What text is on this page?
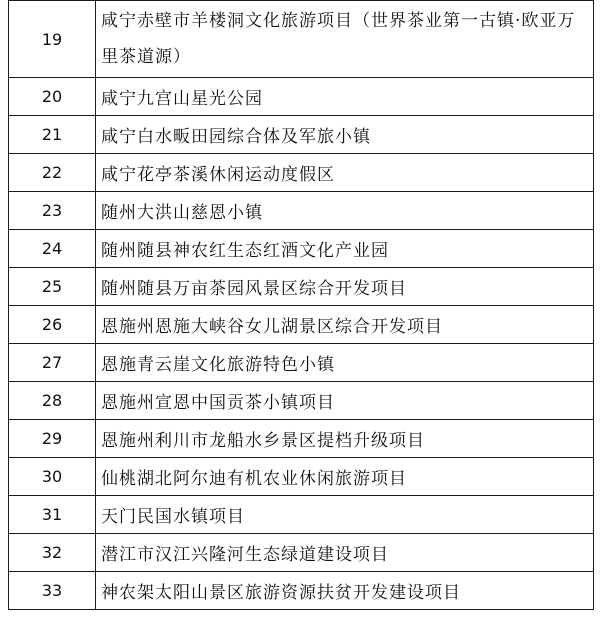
19	咸宁赤壁市羊楼洞文化旅游项目（世界茶业第一古镇·欧亚万里茶道源）
20	咸宁九宫山星光公园
21	咸宁白水畈田园综合体及军旅小镇
22	咸宁花亭茶溪休闲运动度假区
23	随州大洪山慈恩小镇
24	随州随县神农红生态红酒文化产业园
25	随州随县万亩茶园风景区综合开发项目
26	恩施州恩施大峡谷女儿湖景区综合开发项目
27	恩施青云崖文化旅游特色小镇
28	恩施州宣恩中国贡茶小镇项目
29	恩施州利川市龙船水乡景区提档升级项目
30	仙桃湖北阿尔迪有机农业休闲旅游项目
31	天门民国水镇项目
32	潜江市汉江兴隆河生态绿道建设项目
33	神农架太阳山景区旅游资源扶贫开发建设项目
